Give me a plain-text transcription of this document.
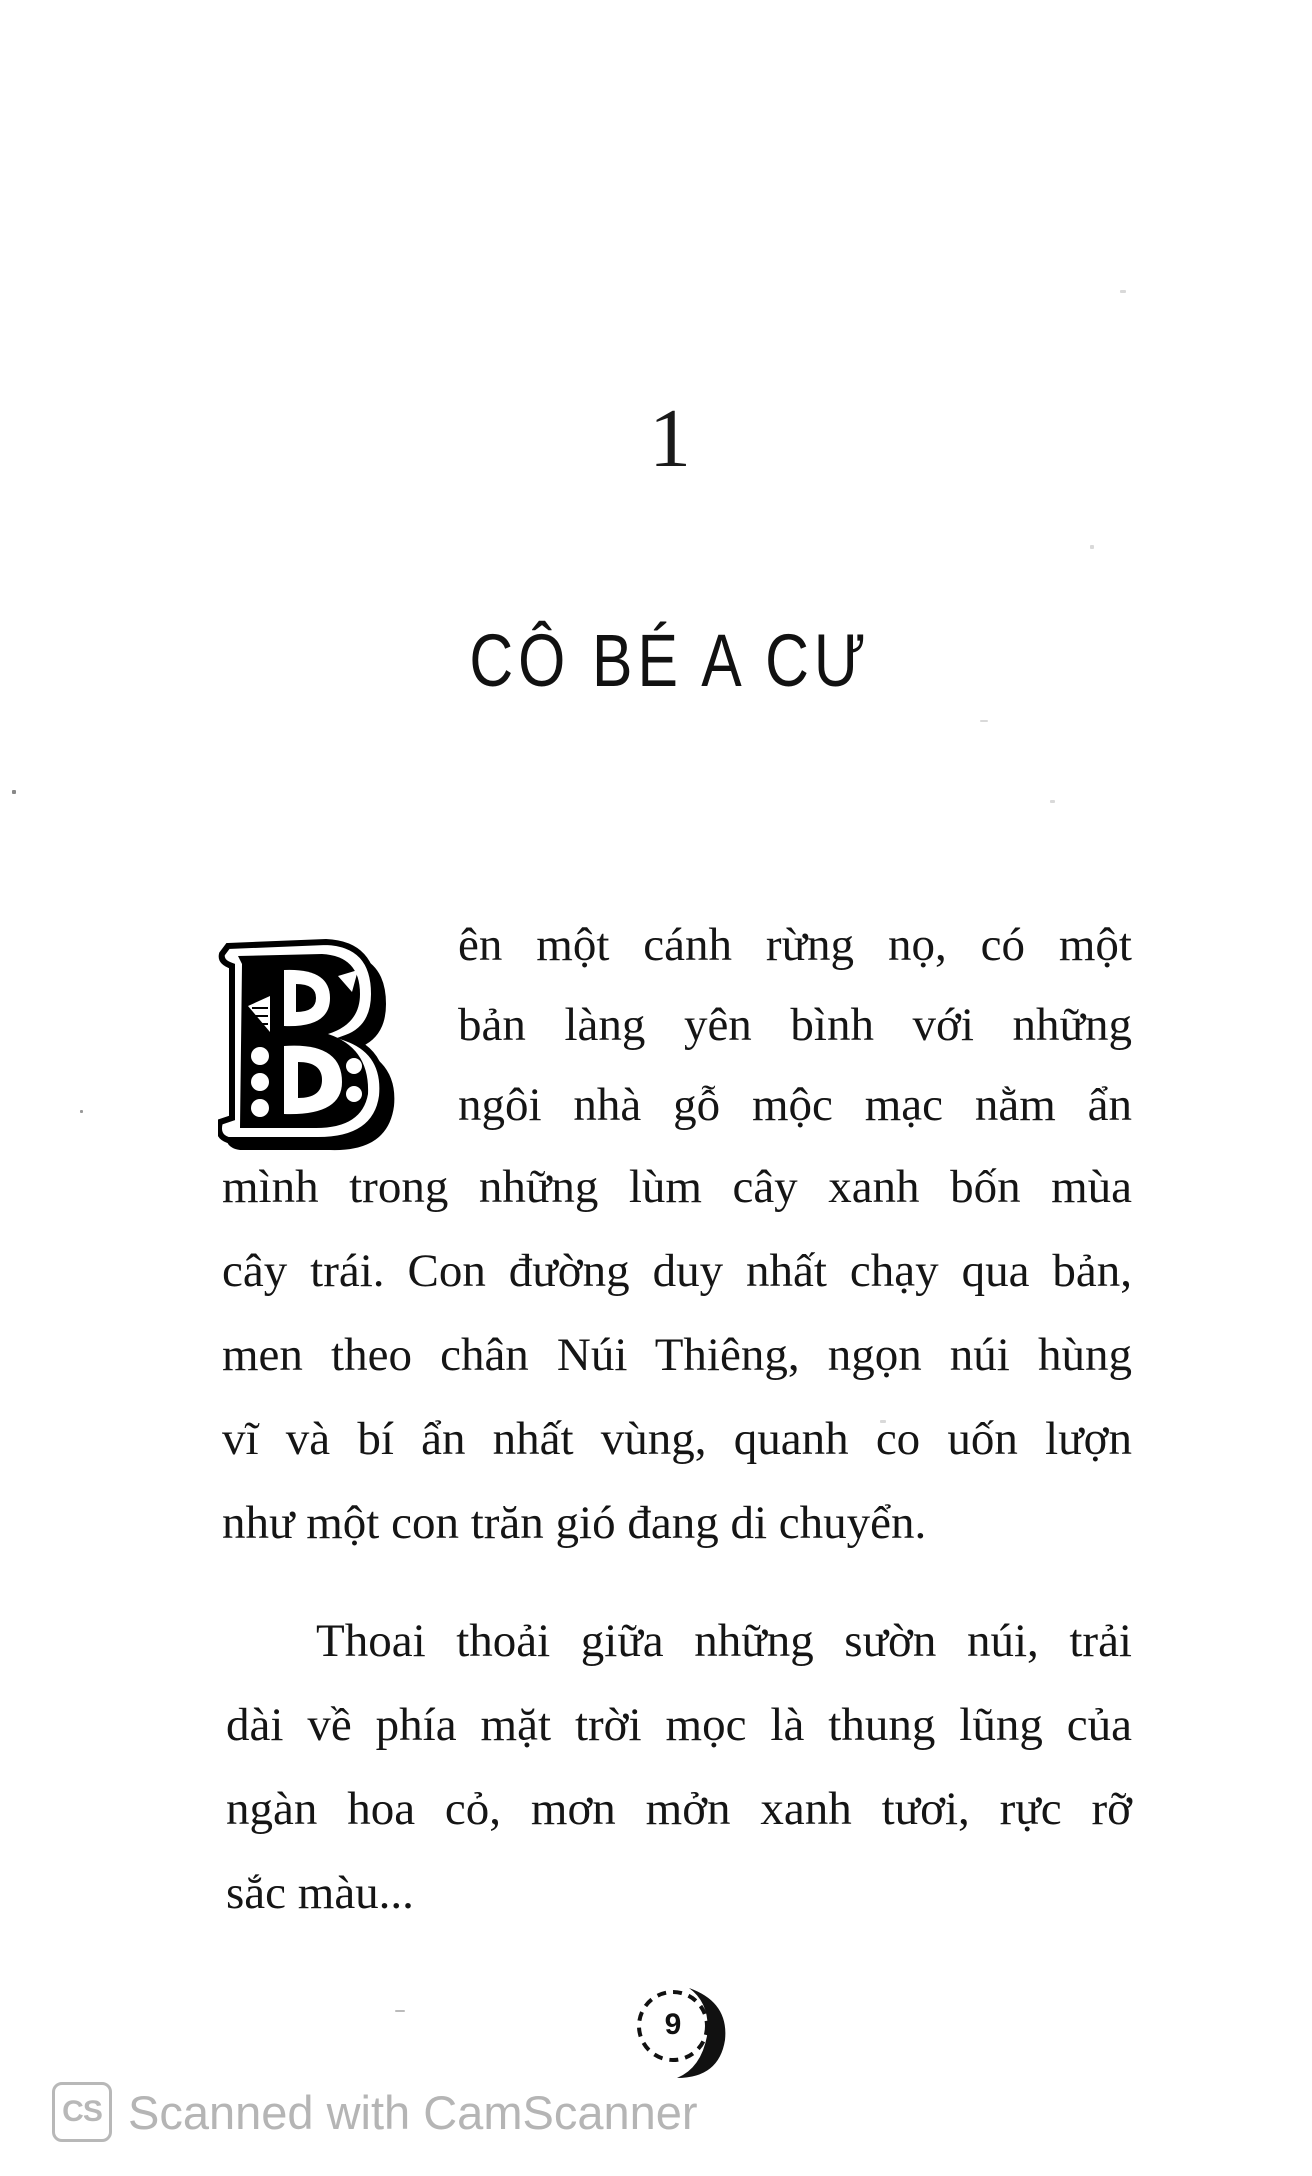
1
CÔ BÉ A CƯ
ên một cánh rừng nọ, có một
bản làng yên bình với những
ngôi nhà gỗ mộc mạc nằm ẩn
mình trong những lùm cây xanh bốn mùa
cây trái. Con đường duy nhất chạy qua bản,
men theo chân Núi Thiêng, ngọn núi hùng
vĩ và bí ẩn nhất vùng, quanh co uốn lượn
như một con trăn gió đang di chuyển.
Thoai thoải giữa những sườn núi, trải
dài về phía mặt trời mọc là thung lũng của
ngàn hoa cỏ, mơn mởn xanh tươi, rực rỡ
sắc màu...
9
CS Scanned with CamScanner
